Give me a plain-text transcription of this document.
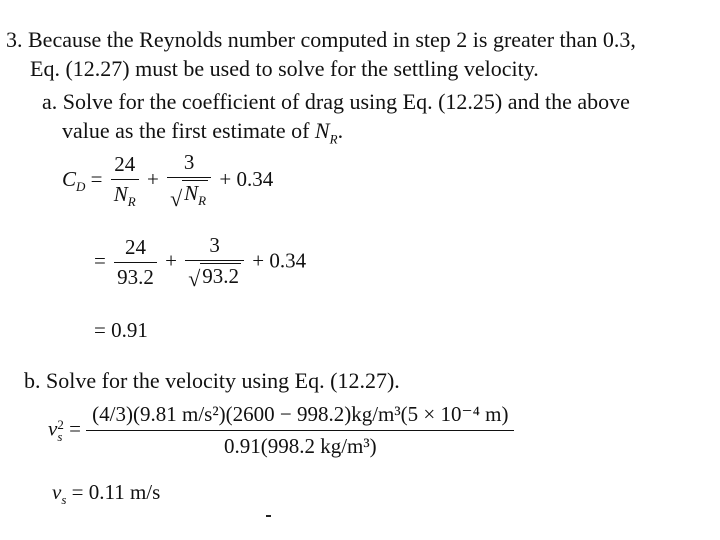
3. Because the Reynolds number computed in step 2 is greater than 0.3,
Eq. (12.27) must be used to solve for the settling velocity.
a. Solve for the coefficient of drag using Eq. (12.25) and the above
value as the first estimate of $N_R$.
$C_D = \frac{24}{N_R} + \frac{3}{√ N_R} + 0.34$
= $\frac{24}{93.2} + \frac{3}{√ 93.2} + 0.34$
= 0.91
b. Solve for the velocity using Eq. (12.27).
v 2
$s = \frac{\text{(4/3)(9.81 m/s²)(2600 − 998.2)kg/m³(5 × 10⁻⁴ m)}}{\text{0.91(998.2 kg/m³)}}$
$v_s = 0.11$ m/s
